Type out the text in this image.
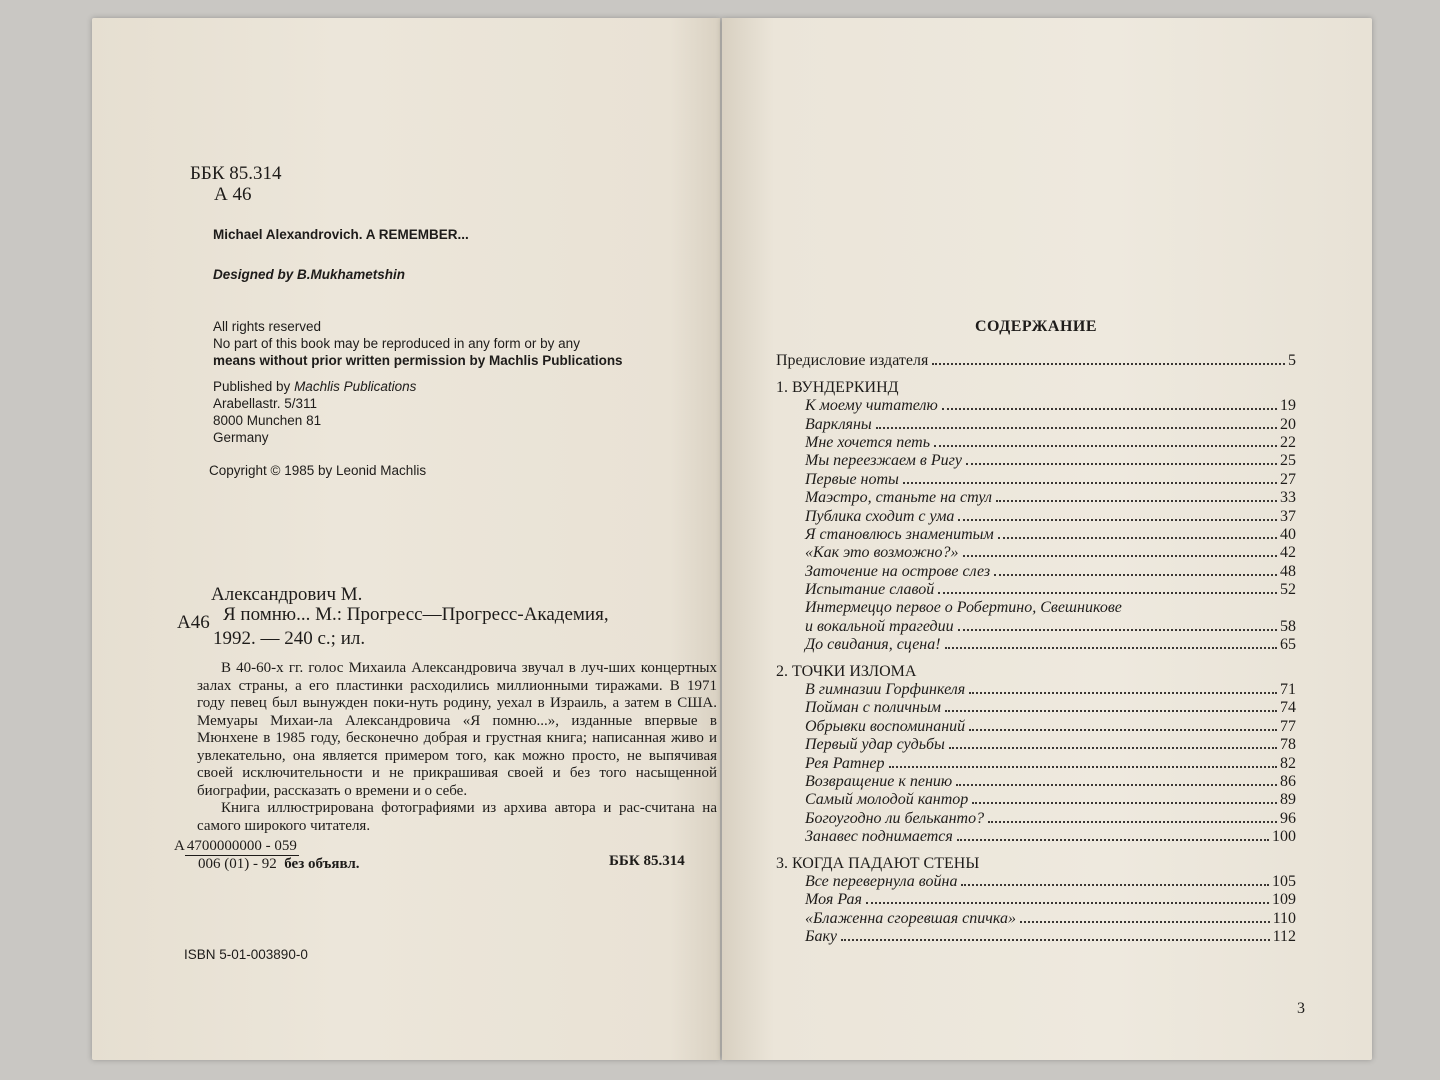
ББК 85.314
А 46
Michael Alexandrovich. A REMEMBER...
Designed by B.Mukhametshin
All rights reserved
No part of this book may be reproduced in any form or by any
means without prior written permission by Machlis Publications
Published by Machlis Publications
Arabellastr. 5/311
8000 Munchen 81
Germany
Copyright © 1985 by Leonid Machlis
Александрович М.
А46 Я помню... М.: Прогресс—Прогресс-Академия,
1992. — 240 с.; ил.

В 40-60-х гг. голос Михаила Александровича звучал в луч-ших концертных залах страны, а его пластинки расходились миллионными тиражами. В 1971 году певец был вынужден поки-нуть родину, уехал в Израиль, а затем в США. Мемуары Михаи-ла Александровича «Я помню...», изданные впервые в Мюнхене в 1985 году, бесконечно добрая и грустная книга; написанная живо и увлекательно, она является примером того, как можно просто, не выпячивая своей исключительности и не прикрашивая своей и без того насыщенной биографии, рассказать о времени и о себе.

Книга иллюстрирована фотографиями из архива автора и рас-считана на самого широкого читателя.

А 4700000000 - 059
006 (01) - 92 без объявл.	ББК 85.314
ISBN 5-01-003890-0
СОДЕРЖАНИЕ
Предисловие издателя	5
1. ВУНДЕРКИНД
К моему читателю	19
Варкляны	20
Мне хочется петь	22
Мы переезжаем в Ригу	25
Первые ноты	27
Маэстро, станьте на стул	33
Публика сходит с ума	37
Я становлюсь знаменитым	40
«Как это возможно?»	42
Заточение на острове слез	48
Испытание славой	52
Интермеццо первое о Робертино, Свешникове
и вокальной трагедии	58
До свидания, сцена!	65
2. ТОЧКИ ИЗЛОМА
В гимназии Горфинкеля	71
Пойман с поличным	74
Обрывки воспоминаний	77
Первый удар судьбы	78
Рея Ратнер	82
Возвращение к пению	86
Самый молодой кантор	89
Богоугодно ли бельканто?	96
Занавес поднимается	100
3. КОГДА ПАДАЮТ СТЕНЫ
Все перевернула война	105
Моя Рая	109
«Блаженна сгоревшая спичка»	110
Баку	112
3
